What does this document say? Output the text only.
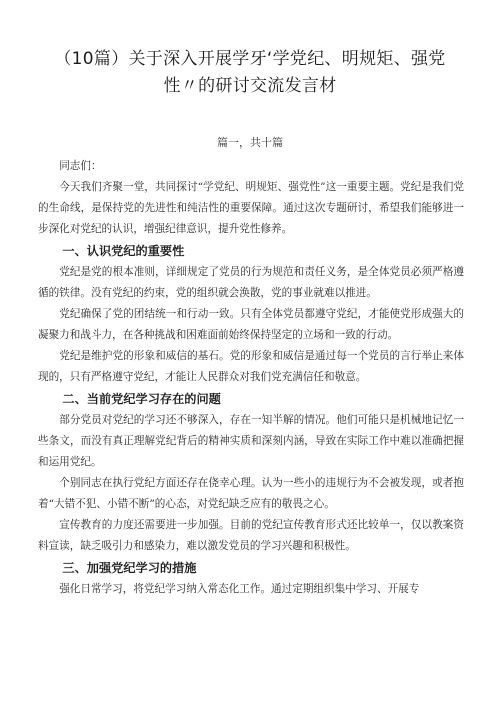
（10篇）关于深入开展学牙‘学党纪、明规矩、强党
性〃的研讨交流发言材
篇一，共十篇

同志们：

今天我们齐聚一堂，共同探讨“学党纪、明规矩、强党性”这一重要主题。党纪是我们党的生命线，是保持党的先进性和纯洁性的重要保障。通过这次专题研讨，希望我们能够进一步深化对党纪的认识，增强纪律意识，提升党性修养。

一、认识党纪的重要性

党纪是党的根本准则，详细规定了党员的行为规范和责任义务，是全体党员必须严格遵循的铁律。没有党纪的约束，党的组织就会涣散，党的事业就难以推进。

党纪确保了党的团结统一和行动一致。只有全体党员都遵守党纪，才能使党形成强大的凝聚力和战斗力，在各种挑战和困难面前始终保持坚定的立场和一致的行动。

党纪是维护党的形象和威信的基石。党的形象和威信是通过每一个党员的言行举止来体现的，只有严格遵守党纪，才能让人民群众对我们党充满信任和敬意。

二、当前党纪学习存在的问题

部分党员对党纪的学习还不够深入，存在一知半解的情况。他们可能只是机械地记忆一些条文，而没有真正理解党纪背后的精神实质和深刻内涵，导致在实际工作中难以准确把握和运用党纪。

个别同志在执行党纪方面还存在侥幸心理。认为一些小的违规行为不会被发现，或者抱着“大错不犯、小错不断”的心态，对党纪缺乏应有的敬畏之心。

宣传教育的力度还需要进一步加强。目前的党纪宣传教育形式还比较单一，仅以教案资料宣读，缺乏吸引力和感染力，难以激发党员的学习兴趣和积极性。

三、加强党纪学习的措施

强化日常学习，将党纪学习纳入常态化工作。通过定期组织集中学习、开展专
